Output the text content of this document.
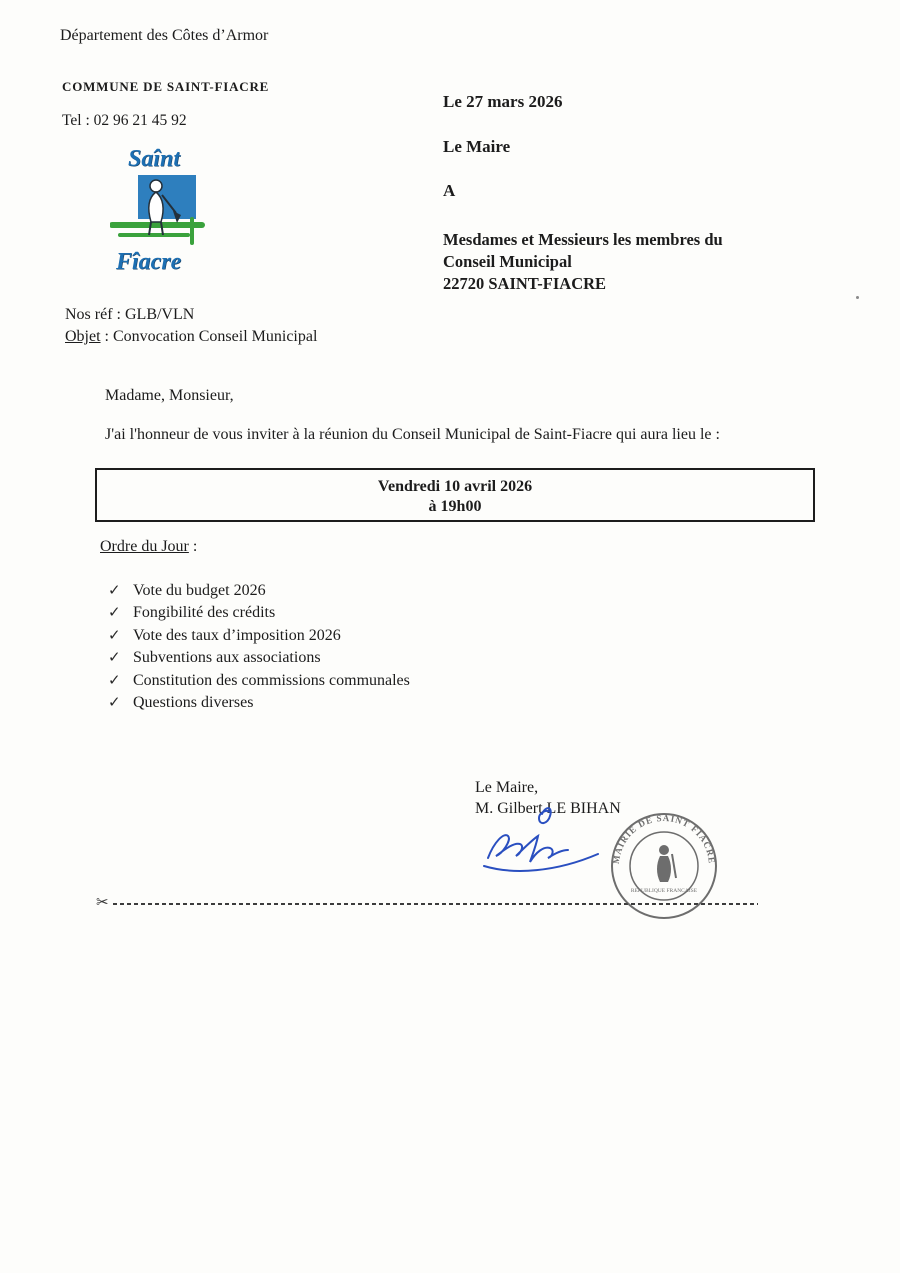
Département des Côtes d’Armor
COMMUNE DE SAINT-FIACRE
Tel : 02 96 21 45 92
Saînt
Fîacre
Le 27 mars 2026
Le Maire
A
Mesdames et Messieurs les membres du
Conseil Municipal
22720 SAINT-FIACRE
Nos réf : GLB/VLN
Objet : Convocation Conseil Municipal
Madame, Monsieur,
J'ai l'honneur de vous inviter à la réunion du Conseil Municipal de Saint-Fiacre qui aura lieu le :
Vendredi 10 avril 2026
à 19h00
Ordre du Jour :
✓ Vote du budget 2026
✓ Fongibilité des crédits
✓ Vote des taux d’imposition 2026
✓ Subventions aux associations
✓ Constitution des commissions communales
✓ Questions diverses
Le Maire,
M. Gilbert LE BIHAN
✂
MAIRIE DE SAINT FIACRE
REPUBLIQUE FRANCAISE
